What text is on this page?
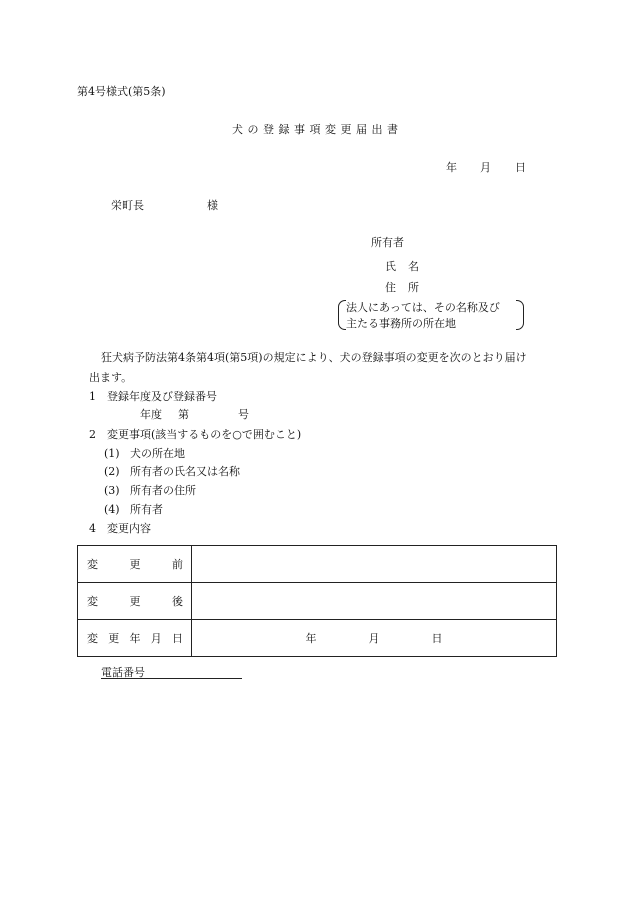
第4号様式(第5条)
犬の登録事項変更届出書
年 月 日
栄町長	様
所有者
氏 名
住 所
法人にあっては、その名称及び
主たる事務所の所在地
狂犬病予防法第4条第4項(第5項)の規定により、犬の登録事項の変更を次のとおり届け
出ます。
1 登録年度及び登録番号
年度 第	号
2 変更事項(該当するものを○で囲むこと)
(1) 犬の所在地
(2) 所有者の氏名又は名称
(3) 所有者の住所
(4) 所有者
4 変更内容
変 更 前	

変 更 後	

変 更 年 月 日	年 月 日
電話番号
